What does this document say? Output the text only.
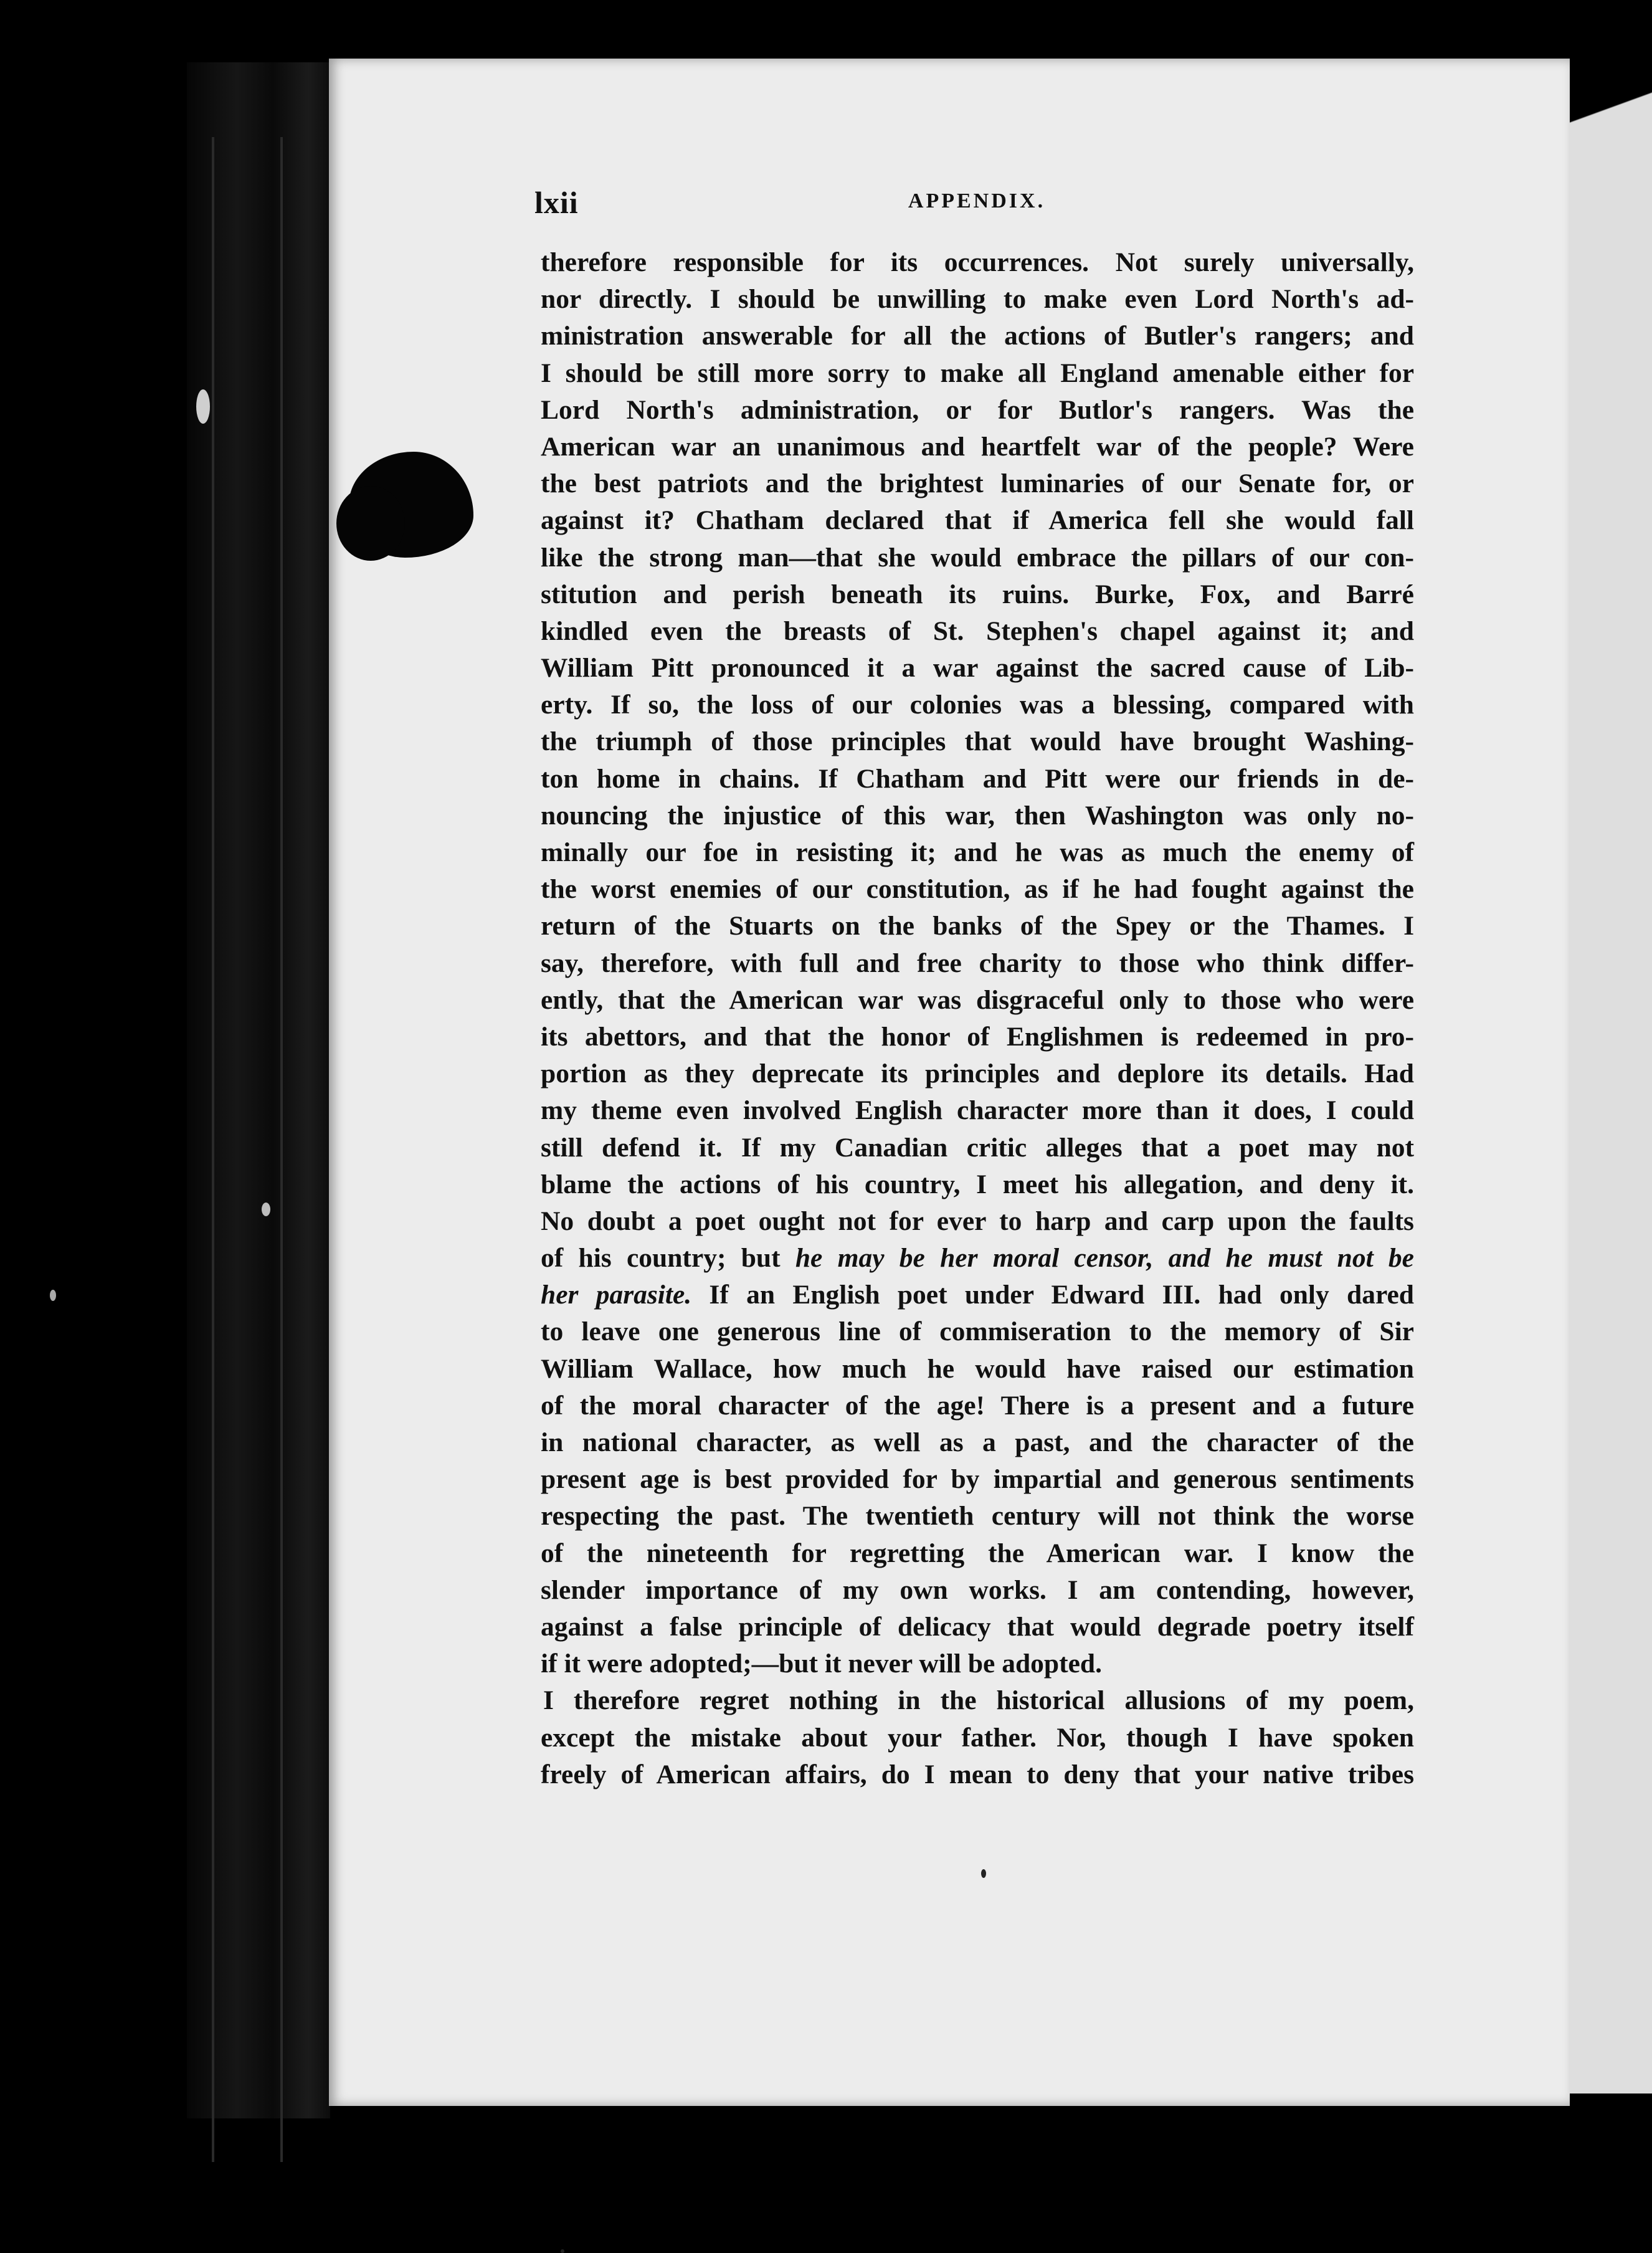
lxii	APPENDIX.
therefore responsible for its occurrences. Not surely universally,
nor directly. I should be unwilling to make even Lord North's ad-
ministration answerable for all the actions of Butler's rangers; and
I should be still more sorry to make all England amenable either for
Lord North's administration, or for Butlor's rangers. Was the
American war an unanimous and heartfelt war of the people? Were
the best patriots and the brightest luminaries of our Senate for, or
against it? Chatham declared that if America fell she would fall
like the strong man—that she would embrace the pillars of our con-
stitution and perish beneath its ruins. Burke, Fox, and Barré
kindled even the breasts of St. Stephen's chapel against it; and
William Pitt pronounced it a war against the sacred cause of Lib-
erty. If so, the loss of our colonies was a blessing, compared with
the triumph of those principles that would have brought Washing-
ton home in chains. If Chatham and Pitt were our friends in de-
nouncing the injustice of this war, then Washington was only no-
minally our foe in resisting it; and he was as much the enemy of
the worst enemies of our constitution, as if he had fought against the
return of the Stuarts on the banks of the Spey or the Thames. I
say, therefore, with full and free charity to those who think differ-
ently, that the American war was disgraceful only to those who were
its abettors, and that the honor of Englishmen is redeemed in pro-
portion as they deprecate its principles and deplore its details. Had
my theme even involved English character more than it does, I could
still defend it. If my Canadian critic alleges that a poet may not
blame the actions of his country, I meet his allegation, and deny it.
No doubt a poet ought not for ever to harp and carp upon the faults
of his country; but he may be her moral censor, and he must not be
her parasite. If an English poet under Edward III. had only dared
to leave one generous line of commiseration to the memory of Sir
William Wallace, how much he would have raised our estimation
of the moral character of the age! There is a present and a future
in national character, as well as a past, and the character of the
present age is best provided for by impartial and generous sentiments
respecting the past. The twentieth century will not think the worse
of the nineteenth for regretting the American war. I know the
slender importance of my own works. I am contending, however,
against a false principle of delicacy that would degrade poetry itself
if it were adopted;—but it never will be adopted.
I therefore regret nothing in the historical allusions of my poem,
except the mistake about your father. Nor, though I have spoken
freely of American affairs, do I mean to deny that your native tribes
